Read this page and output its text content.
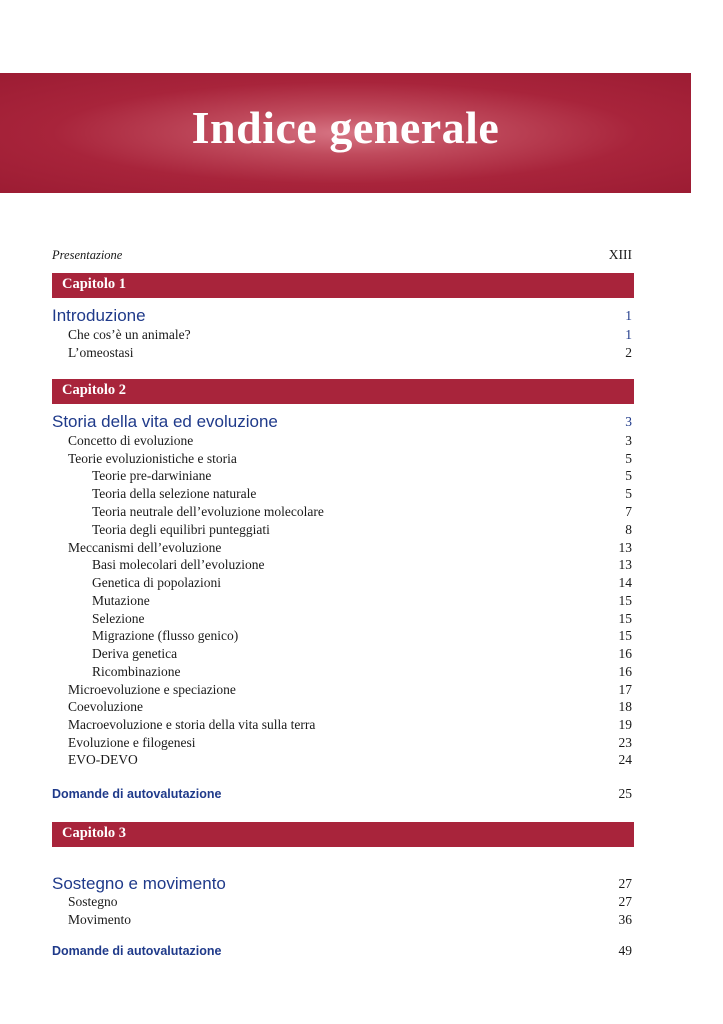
Indice generale
Presentazione	XIII
Capitolo 1
Introduzione	1
Che cos’è un animale?	1
L’omeostasi	2
Capitolo 2
Storia della vita ed evoluzione	3
Concetto di evoluzione	3
Teorie evoluzionistiche e storia	5
Teorie pre-darwiniane	5
Teoria della selezione naturale	5
Teoria neutrale dell’evoluzione molecolare	7
Teoria degli equilibri punteggiati	8
Meccanismi dell’evoluzione	13
Basi molecolari dell’evoluzione	13
Genetica di popolazioni	14
Mutazione	15
Selezione	15
Migrazione (flusso genico)	15
Deriva genetica	16
Ricombinazione	16
Microevoluzione e speciazione	17
Coevoluzione	18
Macroevoluzione e storia della vita sulla terra	19
Evoluzione e filogenesi	23
EVO-DEVO	24
Domande di autovalutazione	25
Capitolo 3
Sostegno e movimento	27
Sostegno	27
Movimento	36
Domande di autovalutazione	49
